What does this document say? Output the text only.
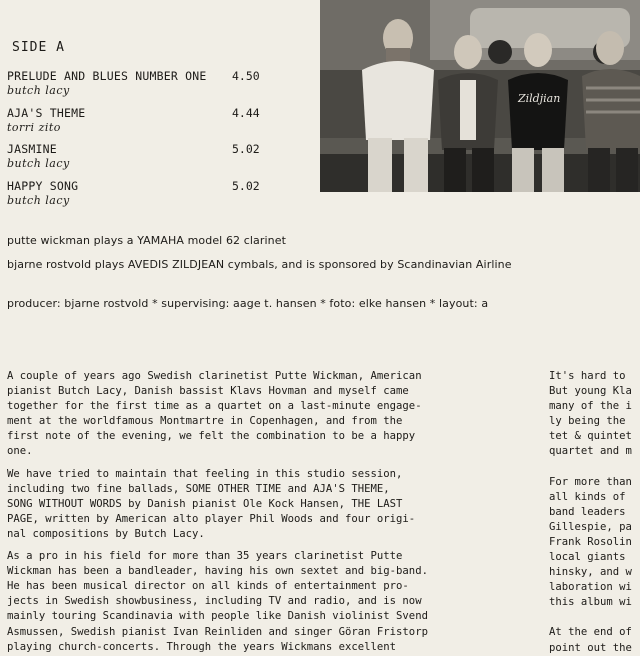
SIDE A
PRELUDE AND BLUES NUMBER ONE 4.50
butch lacy
AJA'S THEME	4.44
torri zito
JASMINE	5.02
butch lacy
HAPPY SONG	5.02
butch lacy
Zildjian
putte wickman plays a YAMAHA model 62 clarinet
bjarne rostvold plays AVEDIS ZILDJEAN cymbals, and is sponsored by Scandinavian Airline
producer: bjarne rostvold * supervising: aage t. hansen * foto: elke hansen * layout: a
A couple of years ago Swedish clarinetist Putte Wickman, American
pianist Butch Lacy, Danish bassist Klavs Hovman and myself came
together for the first time as a quartet on a last-minute engage-
ment at the worldfamous Montmartre in Copenhagen, and from the
first note of the evening, we felt the combination to be a happy
one.
We have tried to maintain that feeling in this studio session,
including two fine ballads, SOME OTHER TIME and AJA'S THEME,
SONG WITHOUT WORDS by Danish pianist Ole Kock Hansen, THE LAST
PAGE, written by American alto player Phil Woods and four origi-
nal compositions by Butch Lacy.
As a pro in his field for more than 35 years clarinetist Putte
Wickman has been a bandleader, having his own sextet and big-band.
He has been musical director on all kinds of entertainment pro-
jects in Swedish showbusiness, including TV and radio, and is now
mainly touring Scandinavia with people like Danish violinist Svend
Asmussen, Swedish pianist Ivan Reinliden and singer Göran Fristorp
playing church-concerts. Through the years Wickmans excellent
It's hard to
But young Kla
many of the i
ly being the
tet & quintet
quartet and m
For more than
all kinds of
band leaders
Gillespie, pa
Frank Rosolin
local giants
hinsky, and w
laboration wi
this album wi
At the end of
point out the
